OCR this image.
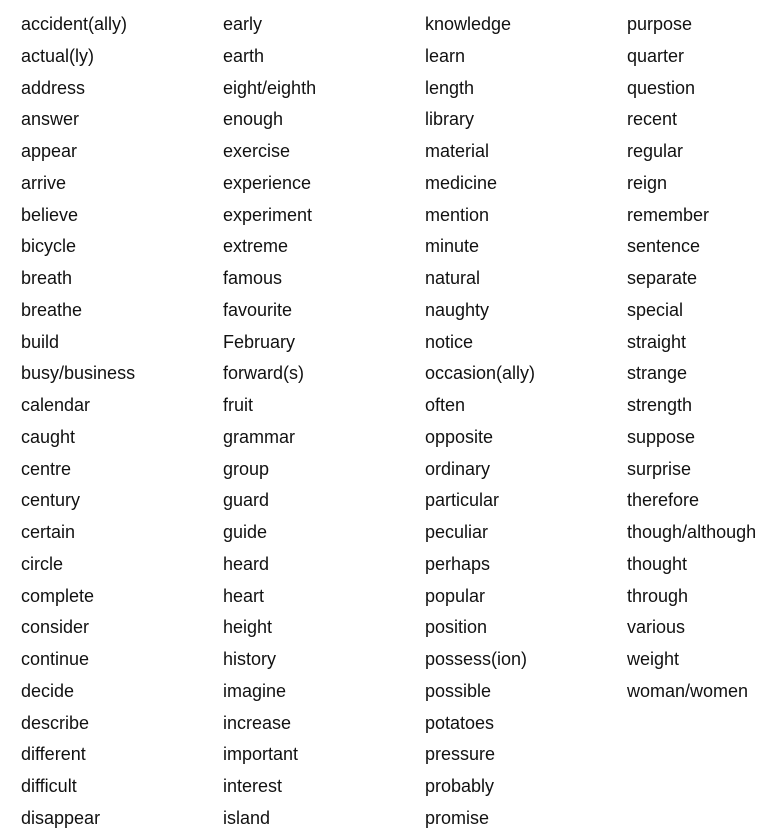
accident(ally)
actual(ly)
address
answer
appear
arrive
believe
bicycle
breath
breathe
build
busy/business
calendar
caught
centre
century
certain
circle
complete
consider
continue
decide
describe
different
difficult
disappear
early
earth
eight/eighth
enough
exercise
experience
experiment
extreme
famous
favourite
February
forward(s)
fruit
grammar
group
guard
guide
heard
heart
height
history
imagine
increase
important
interest
island
knowledge
learn
length
library
material
medicine
mention
minute
natural
naughty
notice
occasion(ally)
often
opposite
ordinary
particular
peculiar
perhaps
popular
position
possess(ion)
possible
potatoes
pressure
probably
promise
purpose
quarter
question
recent
regular
reign
remember
sentence
separate
special
straight
strange
strength
suppose
surprise
therefore
though/although
thought
through
various
weight
woman/women
